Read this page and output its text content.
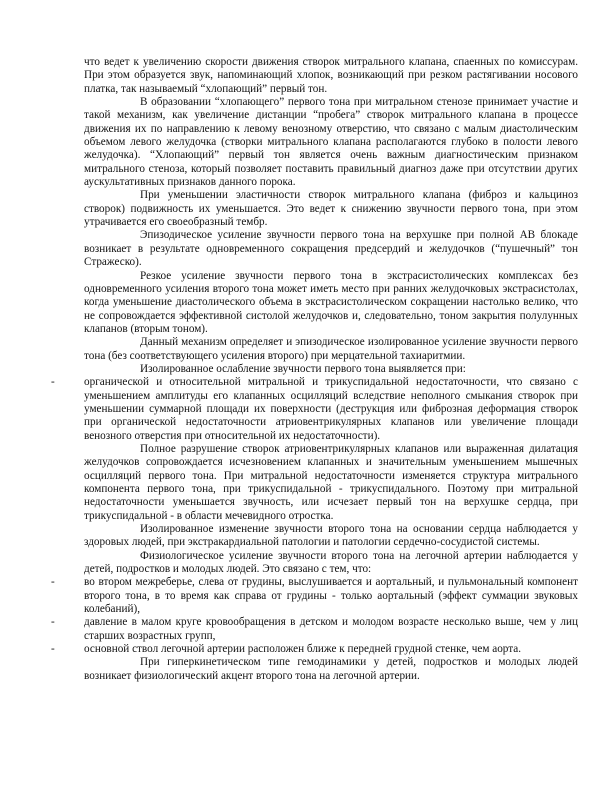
что ведет к увеличению скорости движения створок митрального клапана, спаенных по комиссурам. При этом образуется звук, напоминающий хлопок, возникающий при резком растягивании носового платка, так называемый “хлопающий” первый тон.

В образовании “хлопающего” первого тона при митральном стенозе принимает участие и такой механизм, как увеличение дистанции “пробега” створок митрального клапана в процессе движения их по направлению к левому венозному отверстию, что связано с малым диастолическим объемом левого желудочка (створки митрального клапана располагаются глубоко в полости левого желудочка). “Хлопающий” первый тон является очень важным диагностическим признаком митрального стеноза, который позволяет поставить правильный диагноз даже при отсутствии других аускультативных признаков данного порока.

При уменьшении эластичности створок митрального клапана (фиброз и кальциноз створок) подвижность их уменьшается. Это ведет к снижению звучности первого тона, при этом утрачивается его своеобразный тембр.

Эпизодическое усиление звучности первого тона на верхушке при полной АВ блокаде возникает в результате одновременного сокращения предсердий и желудочков (“пушечный” тон Стражеско).

Резкое усиление звучности первого тона в экстрасистолических комплексах без одновременного усиления второго тона может иметь место при ранних желудочковых экстрасистолах, когда уменьшение диастолического объема в экстрасистолическом сокращении настолько велико, что не сопровождается эффективной систолой желудочков и, следовательно, тоном закрытия полулунных клапанов (вторым тоном).

Данный механизм определяет и эпизодическое изолированное усиление звучности первого тона (без соответствующего усиления второго) при мерцательной тахиаритмии.

Изолированное ослабление звучности первого тона выявляется при:

-	органической и относительной митральной и трикуспидальной недостаточности, что связано с уменьшением амплитуды его клапанных осцилляций вследствие неполного смыкания створок при уменьшении суммарной площади их поверхности (деструкция или фиброзная деформация створок при органической недостаточности атриовентрикулярных клапанов или увеличение площади венозного отверстия при относительной их недостаточности).

Полное разрушение створок атриовентрикулярных клапанов или выраженная дилатация желудочков сопровождается исчезновением клапанных и значительным уменьшением мышечных осцилляций первого тона. При митральной недостаточности изменяется структура митрального компонента первого тона, при трикуспидальной - трикуспидального. Поэтому при митральной недостаточности уменьшается звучность, или исчезает первый тон на верхушке сердца, при трикуспидальной - в области мечевидного отростка.

Изолированное изменение звучности второго тона на основании сердца наблюдается у здоровых людей, при экстракардиальной патологии и патологии сердечно-сосудистой системы.

Физиологическое усиление звучности второго тона на легочной артерии наблюдается у детей, подростков и молодых людей. Это связано с тем, что:

-	во втором межреберье, слева от грудины, выслушивается и аортальный, и пульмональный компонент второго тона, в то время как справа от грудины - только аортальный (эффект суммации звуковых колебаний),

-	давление в малом круге кровообращения в детском и молодом возрасте несколько выше, чем у лиц старших возрастных групп,

-	основной ствол легочной артерии расположен ближе к передней грудной стенке, чем аорта.

При гиперкинетическом типе гемодинамики у детей, подростков и молодых людей возникает физиологический акцент второго тона на легочной артерии.
